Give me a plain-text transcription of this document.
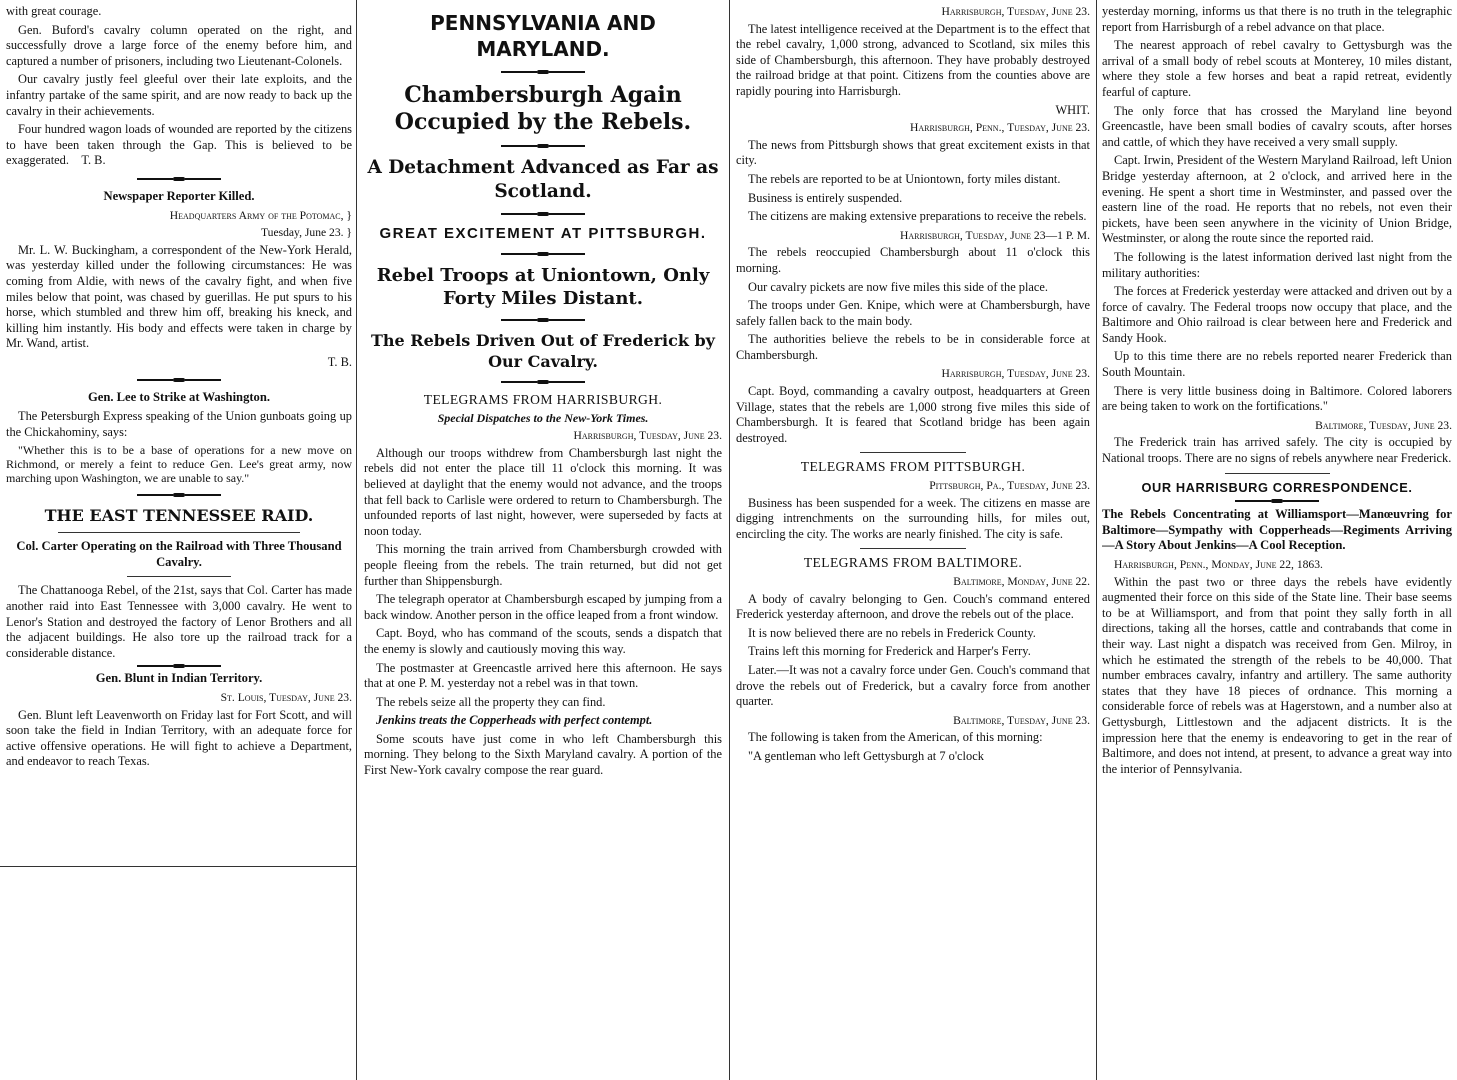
with great courage.

Gen. Buford's cavalry column operated on the right, and successfully drove a large force of the enemy before him, and captured a number of prisoners, including two Lieutenant-Colonels.

Our cavalry justly feel gleeful over their late exploits, and the infantry partake of the same spirit, and are now ready to back up the cavalry in their achievements.

Four hundred wagon loads of wounded are reported by the citizens to have been taken through the Gap. This is believed to be exaggerated. T. B.

Newspaper Reporter Killed.

Headquarters Army of the Potomac, }

Tuesday, June 23. }

Mr. L. W. Buckingham, a correspondent of the New-York Herald, was yesterday killed under the following circumstances: He was coming from Aldie, with news of the cavalry fight, and when five miles below that point, was chased by guerillas. He put spurs to his horse, which stumbled and threw him off, breaking his kneck, and killing him instantly. His body and effects were taken in charge by Mr. Wand, artist.

T. B.

Gen. Lee to Strike at Washington.

The Petersburgh Express speaking of the Union gunboats going up the Chickahominy, says:

"Whether this is to be a base of operations for a new move on Richmond, or merely a feint to reduce Gen. Lee's great army, now marching upon Washington, we are unable to say."

THE EAST TENNESSEE RAID.
Col. Carter Operating on the Railroad with Three Thousand Cavalry.

The Chattanooga Rebel, of the 21st, says that Col. Carter has made another raid into East Tennessee with 3,000 cavalry. He went to Lenor's Station and destroyed the factory of Lenor Brothers and all the adjacent buildings. He also tore up the railroad track for a considerable distance.

Gen. Blunt in Indian Territory.

St. Louis, Tuesday, June 23.

Gen. Blunt left Leavenworth on Friday last for Fort Scott, and will soon take the field in Indian Territory, with an adequate force for active offensive operations. He will fight to achieve a Department, and endeavor to reach Texas.

PENNSYLVANIA AND MARYLAND.
Chambersburgh Again Occupied by the Rebels.
A Detachment Advanced as Far as Scotland.
GREAT EXCITEMENT AT PITTSBURGH.
Rebel Troops at Uniontown, Only Forty Miles Distant.
The Rebels Driven Out of Frederick by Our Cavalry.

TELEGRAMS FROM HARRISBURGH.

Special Dispatches to the New-York Times.

Harrisburgh, Tuesday, June 23.

Although our troops withdrew from Chambersburgh last night the rebels did not enter the place till 11 o'clock this morning. It was believed at daylight that the enemy would not advance, and the troops that fell back to Carlisle were ordered to return to Chambersburgh. The unfounded reports of last night, however, were superseded by facts at noon today.

This morning the train arrived from Chambersburgh crowded with people fleeing from the rebels. The train returned, but did not get further than Shippensburgh.

The telegraph operator at Chambersburgh escaped by jumping from a back window. Another person in the office leaped from a front window.

Capt. Boyd, who has command of the scouts, sends a dispatch that the enemy is slowly and cautiously moving this way.

The postmaster at Greencastle arrived here this afternoon. He says that at one P. M. yesterday not a rebel was in that town.

The rebels seize all the property they can find.

Jenkins treats the Copperheads with perfect contempt.

Some scouts have just come in who left Chambersburgh this morning. They belong to the Sixth Maryland cavalry. A portion of the First New-York cavalry compose the rear guard.

Harrisburgh, Tuesday, June 23.

The latest intelligence received at the Department is to the effect that the rebel cavalry, 1,000 strong, advanced to Scotland, six miles this side of Chambersburgh, this afternoon. They have probably destroyed the railroad bridge at that point. Citizens from the counties above are rapidly pouring into Harrisburgh.

WHIT.

Harrisburgh, Penn., Tuesday, June 23.

The news from Pittsburgh shows that great excitement exists in that city.

The rebels are reported to be at Uniontown, forty miles distant.

Business is entirely suspended.

The citizens are making extensive preparations to receive the rebels.

Harrisburgh, Tuesday, June 23—1 P. M.

The rebels reoccupied Chambersburgh about 11 o'clock this morning.

Our cavalry pickets are now five miles this side of the place.

The troops under Gen. Knipe, which were at Chambersburgh, have safely fallen back to the main body.

The authorities believe the rebels to be in considerable force at Chambersburgh.

Harrisburgh, Tuesday, June 23.

Capt. Boyd, commanding a cavalry outpost, headquarters at Green Village, states that the rebels are 1,000 strong five miles this side of Chambersburgh. It is feared that Scotland bridge has been again destroyed.

TELEGRAMS FROM PITTSBURGH.

Pittsburgh, Pa., Tuesday, June 23.

Business has been suspended for a week. The citizens en masse are digging intrenchments on the surrounding hills, for miles out, encircling the city. The works are nearly finished. The city is safe.

TELEGRAMS FROM BALTIMORE.

Baltimore, Monday, June 22.

A body of cavalry belonging to Gen. Couch's command entered Frederick yesterday afternoon, and drove the rebels out of the place.

It is now believed there are no rebels in Frederick County.

Trains left this morning for Frederick and Harper's Ferry.

Later.—It was not a cavalry force under Gen. Couch's command that drove the rebels out of Frederick, but a cavalry force from another quarter.

Baltimore, Tuesday, June 23.

The following is taken from the American, of this morning:

"A gentleman who left Gettysburgh at 7 o'clock

yesterday morning, informs us that there is no truth in the telegraphic report from Harrisburgh of a rebel advance on that place.

The nearest approach of rebel cavalry to Gettysburgh was the arrival of a small body of rebel scouts at Monterey, 10 miles distant, where they stole a few horses and beat a rapid retreat, evidently fearful of capture.

The only force that has crossed the Maryland line beyond Greencastle, have been small bodies of cavalry scouts, after horses and cattle, of which they have received a very small supply.

Capt. Irwin, President of the Western Maryland Railroad, left Union Bridge yesterday afternoon, at 2 o'clock, and arrived here in the evening. He spent a short time in Westminster, and passed over the eastern line of the road. He reports that no rebels, not even their pickets, have been seen anywhere in the vicinity of Union Bridge, Westminster, or along the route since the reported raid.

The following is the latest information derived last night from the military authorities:

The forces at Frederick yesterday were attacked and driven out by a force of cavalry. The Federal troops now occupy that place, and the Baltimore and Ohio railroad is clear between here and Frederick and Sandy Hook.

Up to this time there are no rebels reported nearer Frederick than South Mountain.

There is very little business doing in Baltimore. Colored laborers are being taken to work on the fortifications."

Baltimore, Tuesday, June 23.

The Frederick train has arrived safely. The city is occupied by National troops. There are no signs of rebels anywhere near Frederick.

OUR HARRISBURG CORRESPONDENCE.
The Rebels Concentrating at Williamsport—Manœuvring for Baltimore—Sympathy with Copperheads—Regiments Arriving—A Story About Jenkins—A Cool Reception.

Harrisburgh, Penn., Monday, June 22, 1863.

Within the past two or three days the rebels have evidently augmented their force on this side of the State line. Their base seems to be at Williamsport, and from that point they sally forth in all directions, taking all the horses, cattle and contrabands that come in their way. Last night a dispatch was received from Gen. Milroy, in which he estimated the strength of the rebels to be 40,000. That number embraces cavalry, infantry and artillery. The same authority states that they have 18 pieces of ordnance. This morning a considerable force of rebels was at Hagerstown, and a number also at Gettysburgh, Littlestown and the adjacent districts. It is the impression here that the enemy is endeavoring to get in the rear of Baltimore, and does not intend, at present, to advance a great way into the interior of Pennsylvania.
